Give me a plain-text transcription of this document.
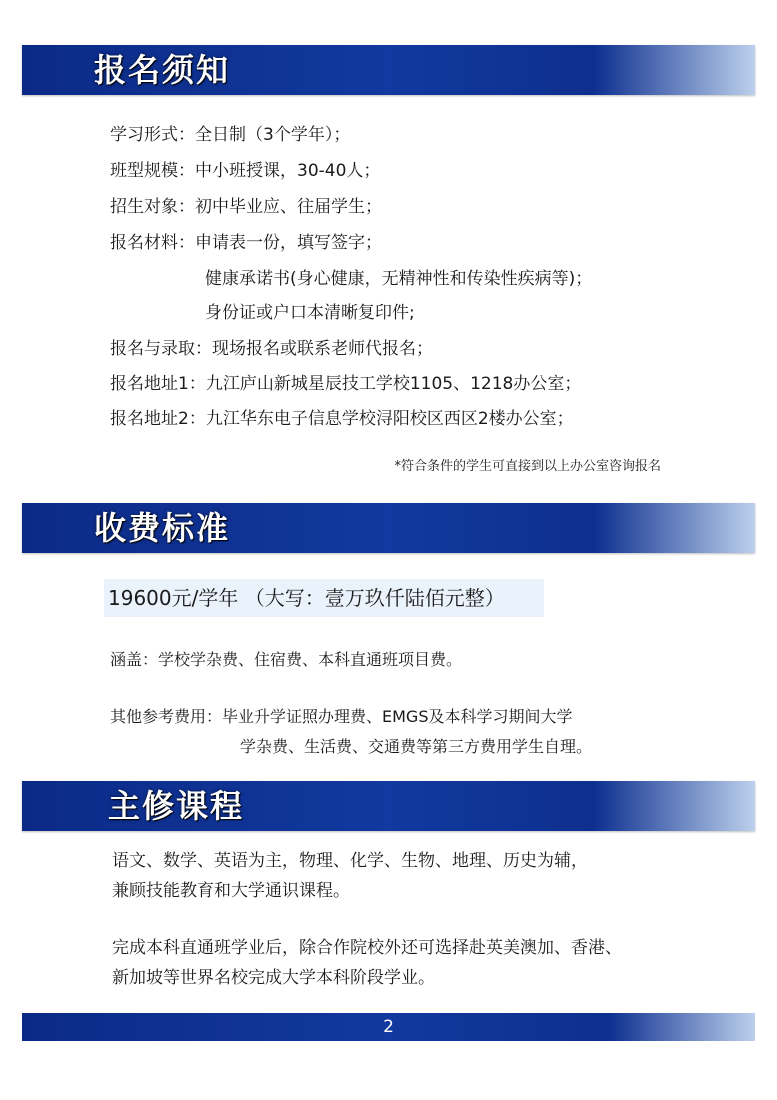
报名须知
学习形式：全日制（3个学年）；
班型规模：中小班授课，30-40人；
招生对象：初中毕业应、往届学生；
报名材料：申请表一份，填写签字；
健康承诺书(身心健康，无精神性和传染性疾病等)；
身份证或户口本清晰复印件;
报名与录取：现场报名或联系老师代报名；
报名地址1：九江庐山新城星辰技工学校1105、1218办公室；
报名地址2：九江华东电子信息学校浔阳校区西区2楼办公室；
*符合条件的学生可直接到以上办公室咨询报名
收费标准
19600元/学年 （大写：壹万玖仟陆佰元整）
涵盖：学校学杂费、住宿费、本科直通班项目费。
其他参考费用：毕业升学证照办理费、EMGS及本科学习期间大学
学杂费、生活费、交通费等第三方费用学生自理。
主修课程
语文、数学、英语为主，物理、化学、生物、地理、历史为辅，
兼顾技能教育和大学通识课程。
完成本科直通班学业后，除合作院校外还可选择赴英美澳加、香港、
新加坡等世界名校完成大学本科阶段学业。
2
